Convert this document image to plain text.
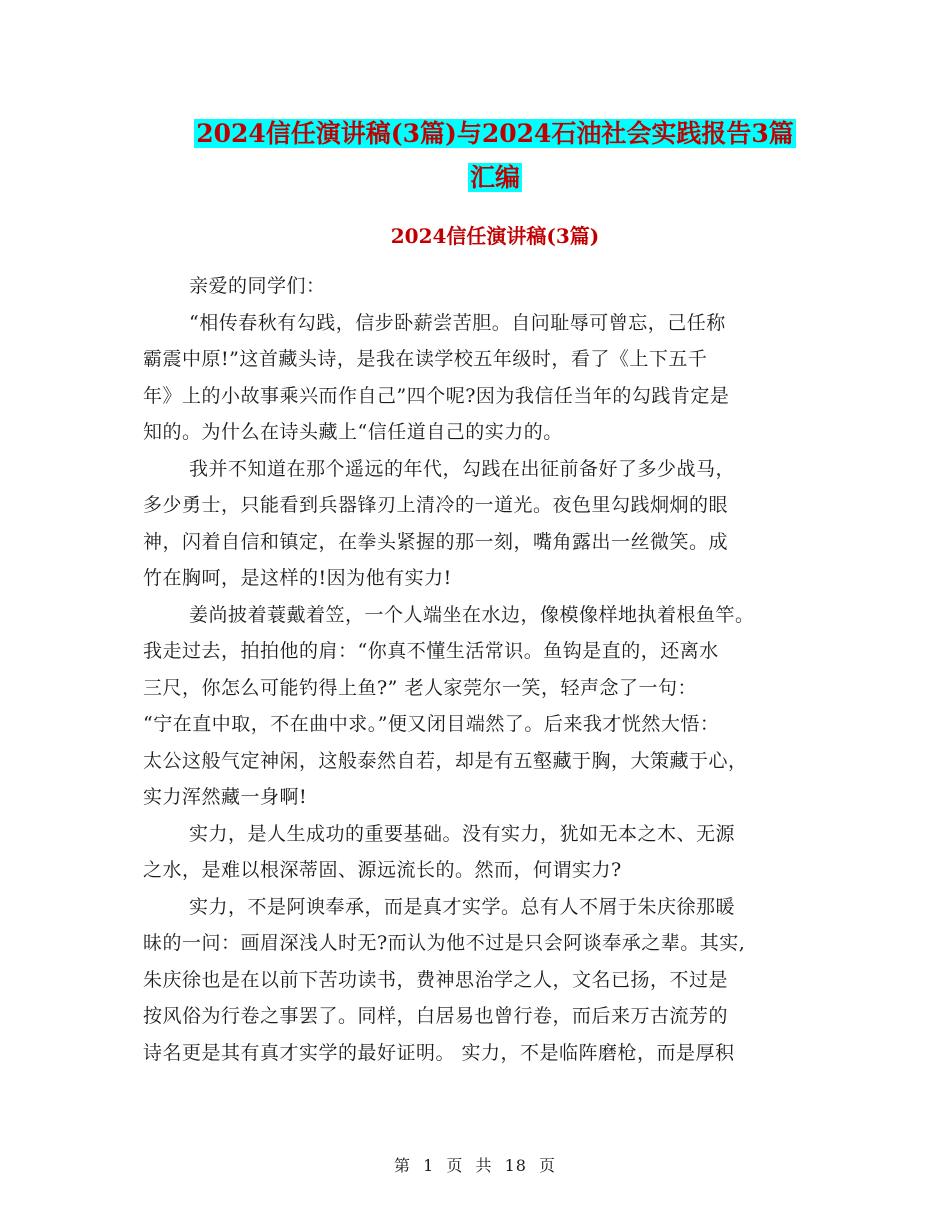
2024信任演讲稿(3篇)与2024石油社会实践报告3篇
汇编
2024信任演讲稿(3篇)
亲爱的同学们：
“相传春秋有勾践，信步卧薪尝苦胆。自问耻辱可曾忘，己任称
霸震中原!”这首藏头诗，是我在读学校五年级时，看了《上下五千
年》上的小故事乘兴而作自己”四个呢?因为我信任当年的勾践肯定是
知的。为什么在诗头藏上“信任道自己的实力的。
我并不知道在那个遥远的年代，勾践在出征前备好了多少战马，
多少勇士，只能看到兵器锋刃上清冷的一道光。夜色里勾践炯炯的眼
神，闪着自信和镇定，在拳头紧握的那一刻，嘴角露出一丝微笑。成
竹在胸呵，是这样的!因为他有实力!
姜尚披着蓑戴着笠，一个人端坐在水边，像模像样地执着根鱼竿。
我走过去，拍拍他的肩：“你真不懂生活常识。鱼钩是直的，还离水
三尺，你怎么可能钓得上鱼?” 老人家莞尔一笑，轻声念了一句：
“宁在直中取，不在曲中求。”便又闭目端然了。后来我才恍然大悟：
太公这般气定神闲，这般泰然自若，却是有五壑藏于胸，大策藏于心，
实力浑然藏一身啊!
实力，是人生成功的重要基础。没有实力，犹如无本之木、无源
之水，是难以根深蒂固、源远流长的。然而，何谓实力?
实力，不是阿谀奉承，而是真才实学。总有人不屑于朱庆徐那暖
昧的一问：画眉深浅人时无?而认为他不过是只会阿谈奉承之辈。其实,
朱庆徐也是在以前下苦功读书，费神思治学之人，文名已扬，不过是
按风俗为行卷之事罢了。同样，白居易也曾行卷，而后来万古流芳的
诗名更是其有真才实学的最好证明。 实力，不是临阵磨枪，而是厚积
第 1 页 共 18 页
